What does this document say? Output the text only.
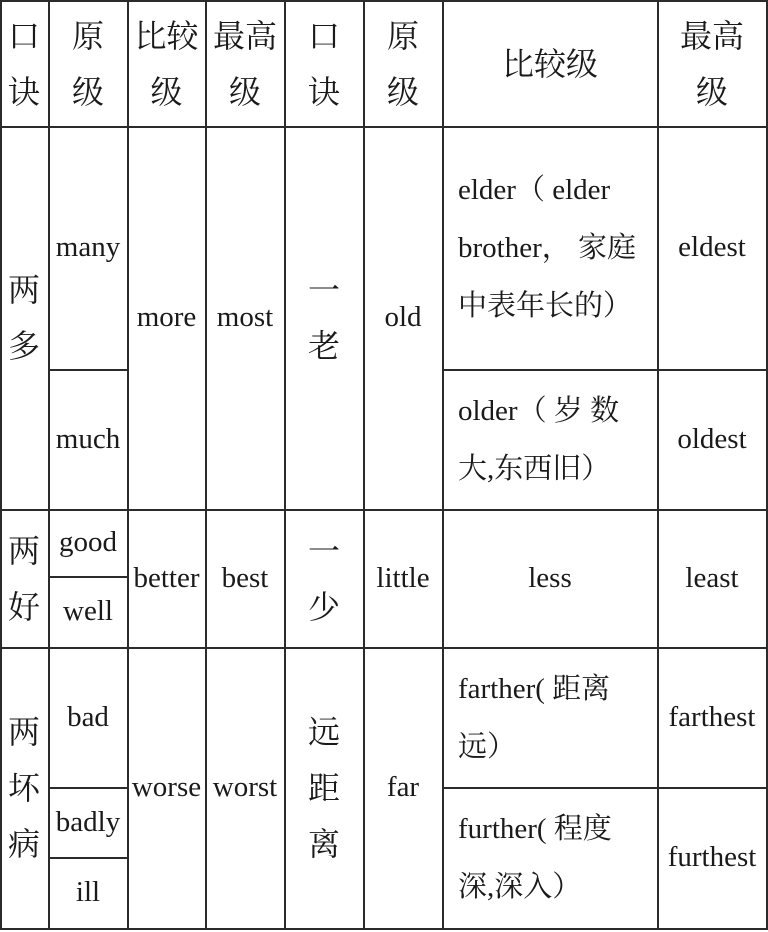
口
诀
原
级
比较
级
最高
级
口
诀
原
级
比较级
最高
级
两
多
many
much
more most
一
老
old
elder（ elder brother， 家庭中表年长的）
older（ 岁 数大,东西旧）
eldest
oldest
两
好
good
well
better best
一
少
little	less	least
两
坏
病
bad
badly
ill
worse worst
远
距
离
far
farther( 距离远）
further( 程度深,深入）
farthest
furthest
